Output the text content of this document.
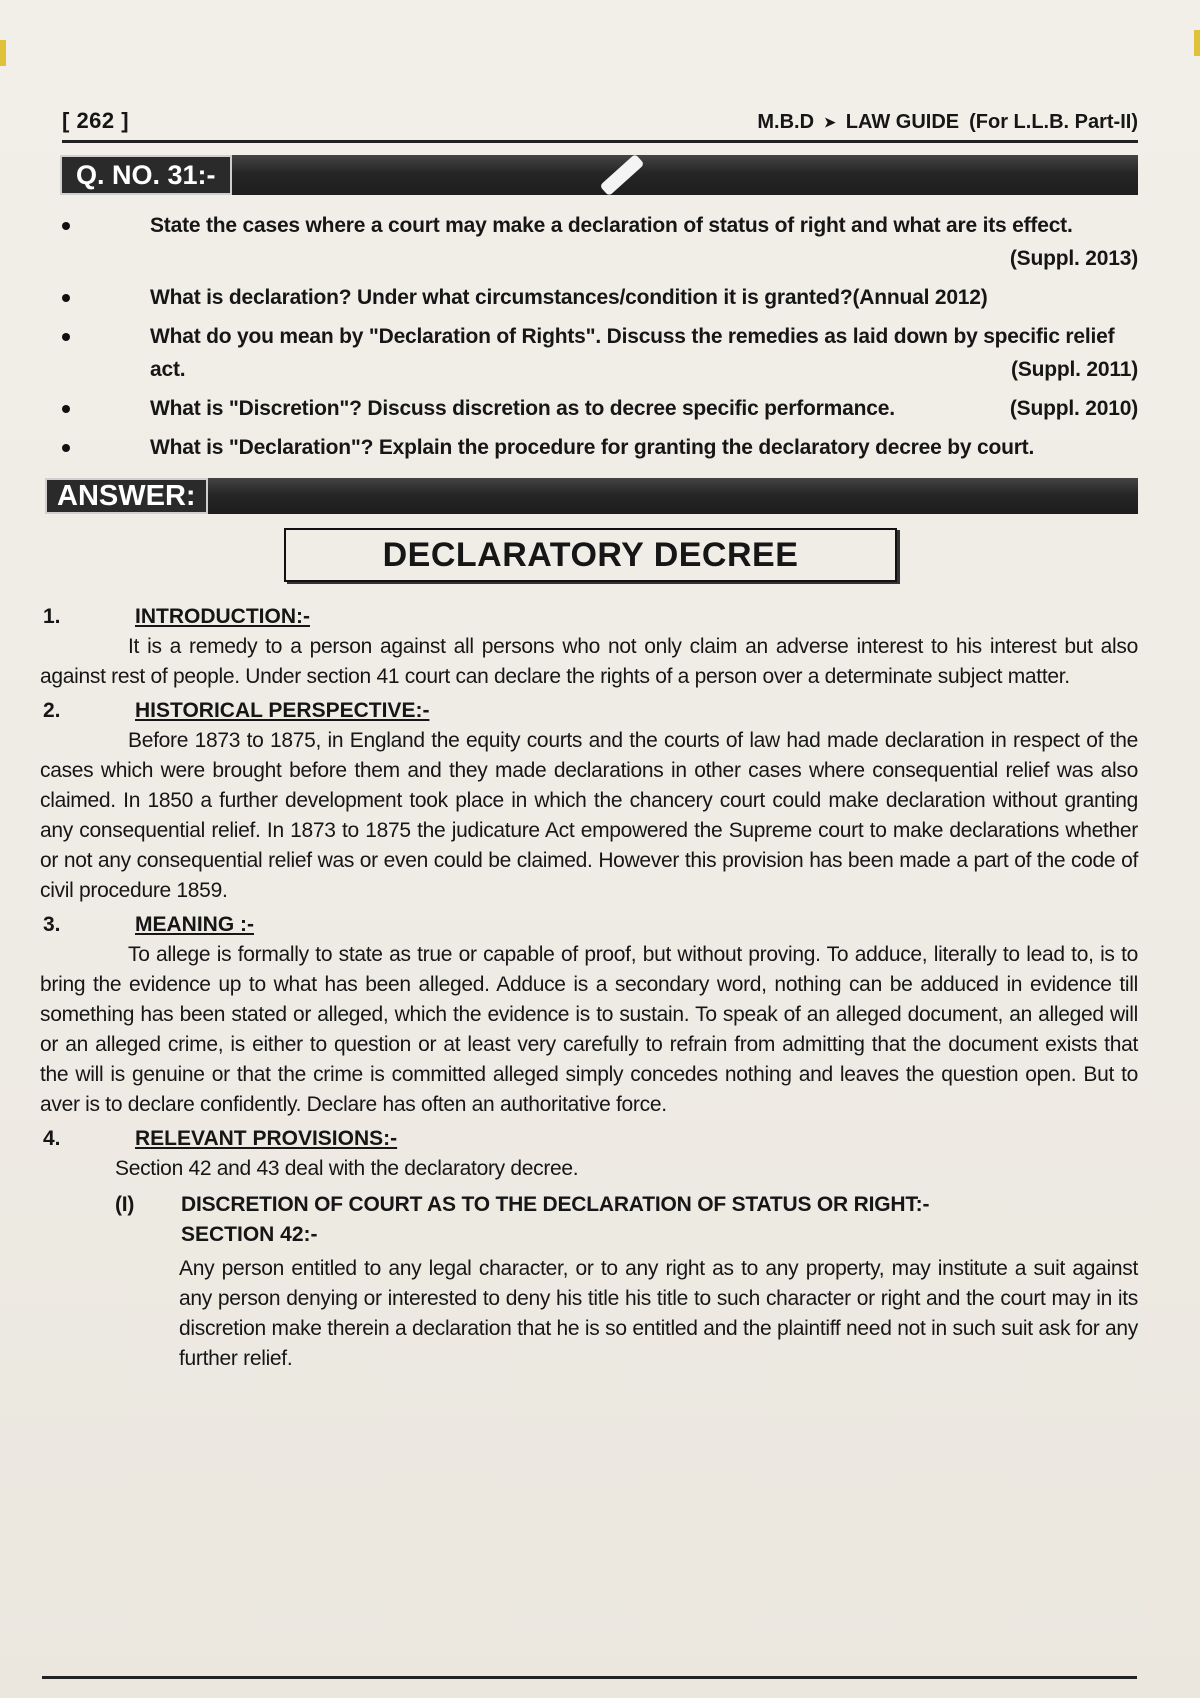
[ 262 ]	M.B.D ➤ LAW GUIDE (For L.L.B. Part-II)
Q. NO. 31:-
State the cases where a court may make a declaration of status of right and what are its effect.
(Suppl. 2013)
What is declaration? Under what circumstances/condition it is granted?(Annual 2012)
What do you mean by "Declaration of Rights". Discuss the remedies as laid down by specific relief act.	(Suppl. 2011)
What is "Discretion"? Discuss discretion as to decree specific performance.	(Suppl. 2010)
What is "Declaration"? Explain the procedure for granting the declaratory decree by court.
ANSWER:
DECLARATORY DECREE
1.	INTRODUCTION:-

It is a remedy to a person against all persons who not only claim an adverse interest to his interest but also against rest of people. Under section 41 court can declare the rights of a person over a determinate subject matter.

2.	HISTORICAL PERSPECTIVE:-

Before 1873 to 1875, in England the equity courts and the courts of law had made declaration in respect of the cases which were brought before them and they made declarations in other cases where consequential relief was also claimed. In 1850 a further development took place in which the chancery court could make declaration without granting any consequential relief. In 1873 to 1875 the judicature Act empowered the Supreme court to make declarations whether or not any consequential relief was or even could be claimed. However this provision has been made a part of the code of civil procedure 1859.

3.	MEANING :-

To allege is formally to state as true or capable of proof, but without proving. To adduce, literally to lead to, is to bring the evidence up to what has been alleged. Adduce is a secondary word, nothing can be adduced in evidence till something has been stated or alleged, which the evidence is to sustain. To speak of an alleged document, an alleged will or an alleged crime, is either to question or at least very carefully to refrain from admitting that the document exists that the will is genuine or that the crime is committed alleged simply concedes nothing and leaves the question open. But to aver is to declare confidently. Declare has often an authoritative force.

4.	RELEVANT PROVISIONS:-
Section 42 and 43 deal with the declaratory decree.
(I)	DISCRETION OF COURT AS TO THE DECLARATION OF STATUS OR RIGHT:-
SECTION 42:-

Any person entitled to any legal character, or to any right as to any property, may institute a suit against any person denying or interested to deny his title his title to such character or right and the court may in its discretion make therein a declaration that he is so entitled and the plaintiff need not in such suit ask for any further relief.
